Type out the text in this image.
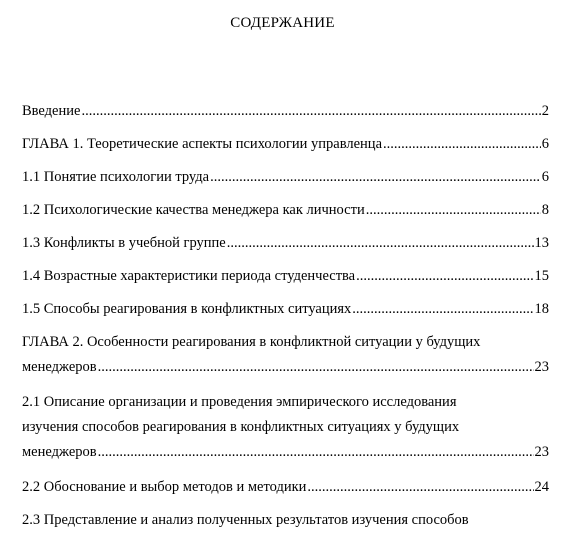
СОДЕРЖАНИЕ
Введение .....	2
ГЛАВА 1. Теоретические аспекты психологии управленца .....	6
1.1 Понятие психологии труда .....	6
1.2 Психологические качества менеджера как личности .....	8
1.3 Конфликты в учебной группе .....	13
1.4 Возрастные характеристики периода студенчества .....	15
1.5 Способы реагирования в конфликтных ситуациях .....	18
ГЛАВА 2. Особенности реагирования в конфликтной ситуации у будущих
менеджеров .....	23
2.1 Описание организации и проведения эмпирического исследования
изучения способов реагирования в конфликтных ситуациях у будущих
менеджеров .....	23
2.2 Обоснование и выбор методов и методики .....	24
2.3 Представление и анализ полученных результатов изучения способов
